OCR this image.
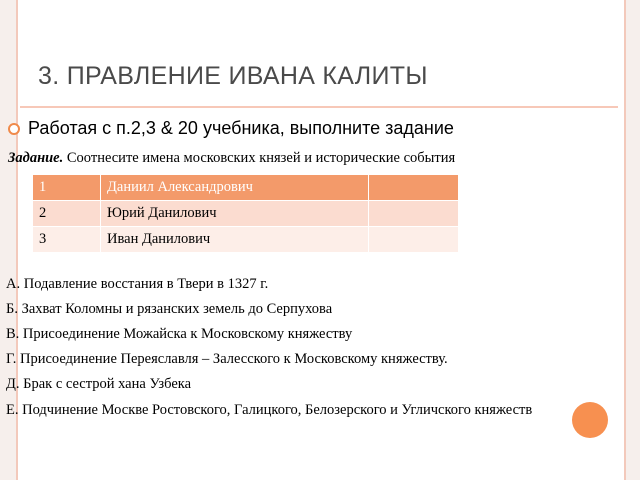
3. ПРАВЛЕНИЕ ИВАНА КАЛИТЫ
Работая с п.2,3 & 20 учебника, выполните задание
Задание. Соотнесите имена московских князей и исторические события
1	Даниил Александрович	
2	Юрий Данилович	
3	Иван Данилович	
А. Подавление восстания в Твери в 1327 г.
Б. Захват Коломны и рязанских земель до Серпухова
В. Присоединение Можайска к Московскому княжеству
Г. Присоединение Переяславля – Залесского к Московскому княжеству.
Д. Брак с сестрой хана Узбека
Е. Подчинение Москве Ростовского, Галицкого, Белозерского и Угличского княжеств
